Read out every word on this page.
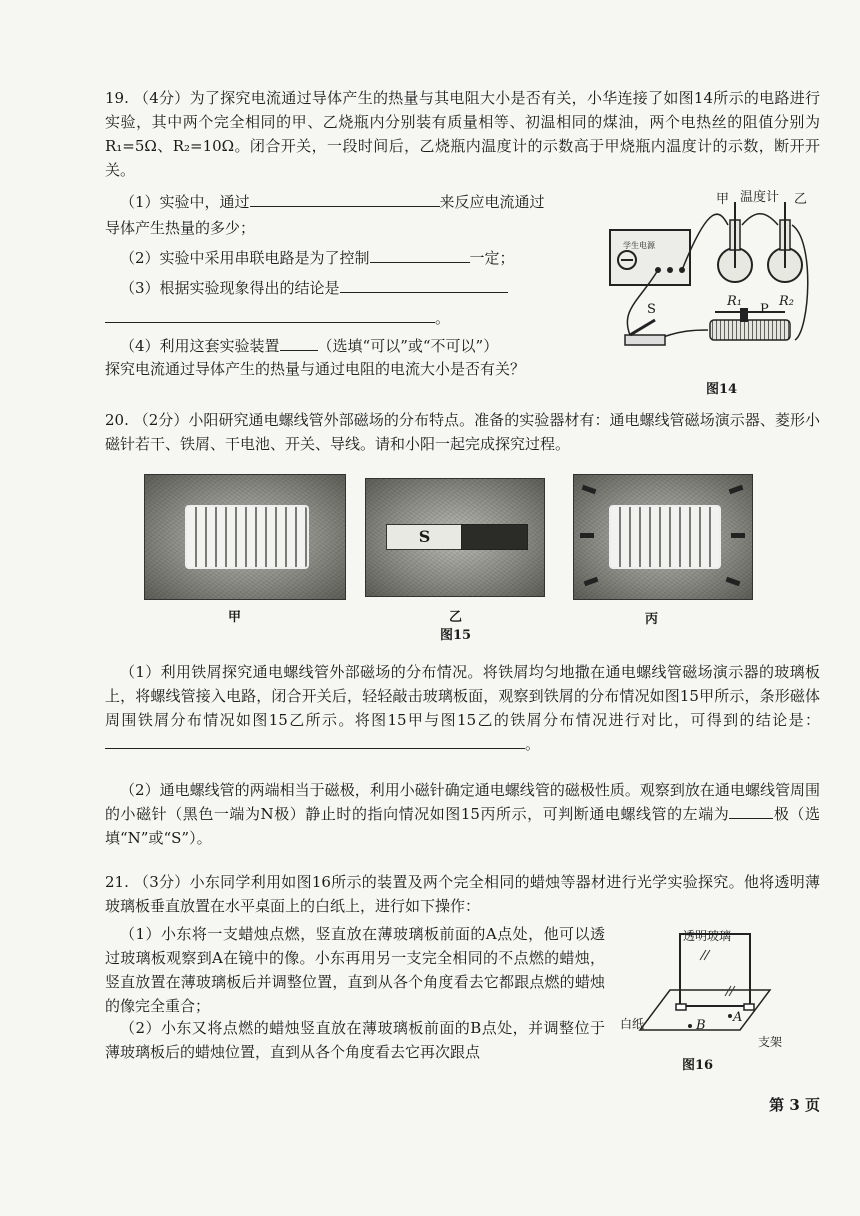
19. （4分）为了探究电流通过导体产生的热量与其电阻大小是否有关，小华连接了如图14所示的电路进行实验，其中两个完全相同的甲、乙烧瓶内分别装有质量相等、初温相同的煤油，两个电热丝的阻值分别为 R₁=5Ω、R₂=10Ω。闭合开关，一段时间后，乙烧瓶内温度计的示数高于甲烧瓶内温度计的示数，断开开关。

（1）实验中，通过	来反应电流通过
导体产生热量的多少；
（2）实验中采用串联电路是为了控制	一定；
（3）根据实验现象得出的结论是
。
（4）利用这套实验装置	（选填“可以”或“不可以”）
探究电流通过导体产生的热量与通过电阻的电流大小是否有关？
甲 温度计 乙
学生电源
R₁	R₂
S	P
图14

20. （2分）小阳研究通电螺线管外部磁场的分布特点。准备的实验器材有：通电螺线管磁场演示器、菱形小磁针若干、铁屑、干电池、开关、导线。请和小阳一起完成探究过程。

S
甲	乙	丙
图15

（1）利用铁屑探究通电螺线管外部磁场的分布情况。将铁屑均匀地撒在通电螺线管磁场演示器的玻璃板上，将螺线管接入电路，闭合开关后，轻轻敲击玻璃板面，观察到铁屑的分布情况如图15甲所示，条形磁体周围铁屑分布情况如图15乙所示。将图15甲与图15乙的铁屑分布情况进行对比，可得到的结论是：。

（2）通电螺线管的两端相当于磁极，利用小磁针确定通电螺线管的磁极性质。观察到放在通电螺线管周围的小磁针（黑色一端为N极）静止时的指向情况如图15丙所示，可判断通电螺线管的左端为	极（选填“N”或“S”）。

21. （3分）小东同学利用如图16所示的装置及两个完全相同的蜡烛等器材进行光学实验探究。他将透明薄玻璃板垂直放置在水平桌面上的白纸上，进行如下操作：

（1）小东将一支蜡烛点燃，竖直放在薄玻璃板前面的A点处，他可以透过玻璃板观察到A在镜中的像。小东再用另一支完全相同的不点燃的蜡烛，竖直放置在薄玻璃板后并调整位置，直到从各个角度看去它都跟点燃的蜡烛的像完全重合；

（2）小东又将点燃的蜡烛竖直放在薄玻璃板前面的B点处，并调整位于薄玻璃板后的蜡烛位置，直到从各个角度看去它再次跟点

透明玻璃
白纸	B
A
支架
图16
第 3 页
